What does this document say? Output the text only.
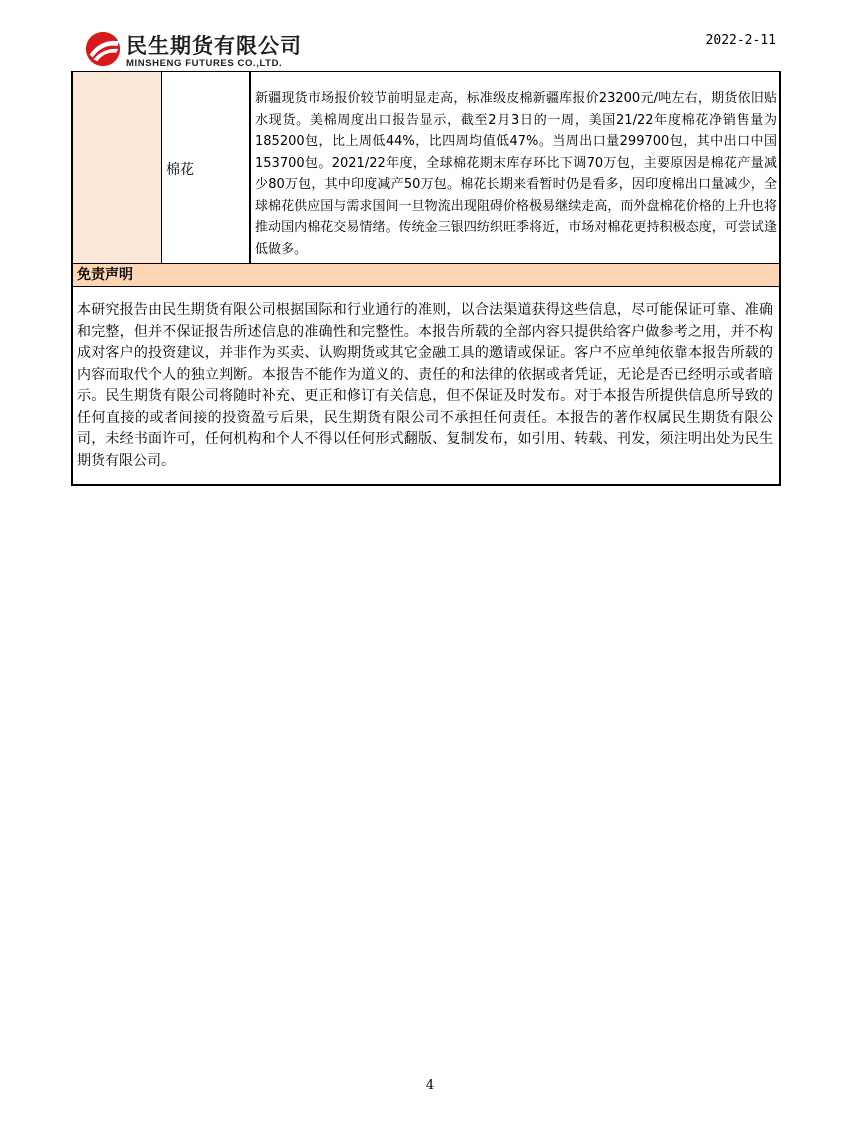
民生期货有限公司
MINSHENG FUTURES CO.,LTD.
2022-2-11
棉花
新疆现货市场报价较节前明显走高，标准级皮棉新疆库报价23200元/吨左右，期货依旧贴水现货。美棉周度出口报告显示，截至2月3日的一周，美国21/22年度棉花净销售量为185200包，比上周低44%，比四周均值低47%。当周出口量299700包，其中出口中国153700包。2021/22年度，全球棉花期末库存环比下调70万包，主要原因是棉花产量减少80万包，其中印度减产50万包。棉花长期来看暂时仍是看多，因印度棉出口量减少，全球棉花供应国与需求国间一旦物流出现阻碍价格极易继续走高，而外盘棉花价格的上升也将推动国内棉花交易情绪。传统金三银四纺织旺季将近，市场对棉花更持积极态度，可尝试逢低做多。
免责声明
本研究报告由民生期货有限公司根据国际和行业通行的准则，以合法渠道获得这些信息，尽可能保证可靠、准确和完整，但并不保证报告所述信息的准确性和完整性。本报告所载的全部内容只提供给客户做参考之用，并不构成对客户的投资建议，并非作为买卖、认购期货或其它金融工具的邀请或保证。客户不应单纯依靠本报告所载的内容而取代个人的独立判断。本报告不能作为道义的、责任的和法律的依据或者凭证，无论是否已经明示或者暗示。民生期货有限公司将随时补充、更正和修订有关信息，但不保证及时发布。对于本报告所提供信息所导致的任何直接的或者间接的投资盈亏后果，民生期货有限公司不承担任何责任。本报告的著作权属民生期货有限公司，未经书面许可，任何机构和个人不得以任何形式翻版、复制发布，如引用、转载、刊发，须注明出处为民生期货有限公司。
4
